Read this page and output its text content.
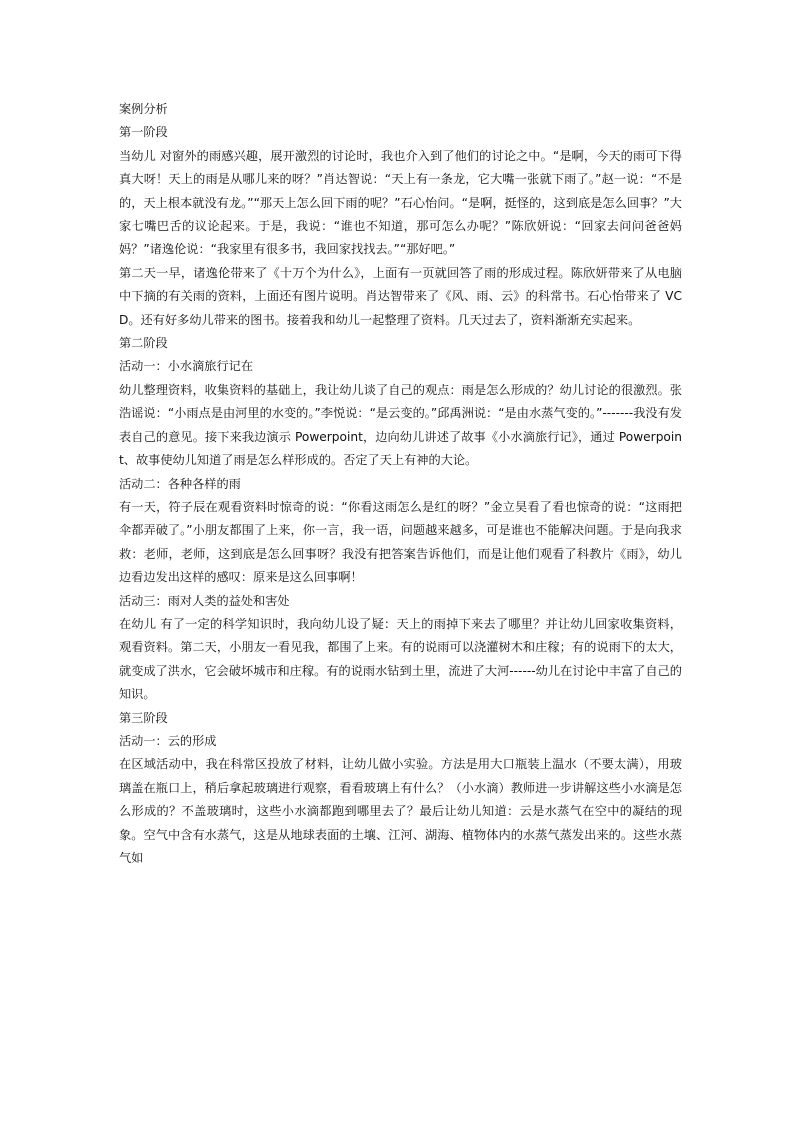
案例分析

第一阶段

当幼儿 对窗外的雨感兴趣，展开激烈的讨论时，我也介入到了他们的讨论之中。“是啊，今天的雨可下得真大呀！天上的雨是从哪儿来的呀？”肖达智说：“天上有一条龙，它大嘴一张就下雨了。”赵一说：“不是的，天上根本就没有龙。”“那天上怎么回下雨的呢？”石心怡问。“是啊，挺怪的，这到底是怎么回事？”大家七嘴巴舌的议论起来。于是，我说：“谁也不知道，那可怎么办呢？”陈欣妍说：“回家去问问爸爸妈妈？”诸逸伦说：“我家里有很多书，我回家找找去。”“那好吧。”

第二天一早，诸逸伦带来了《十万个为什么》，上面有一页就回答了雨的形成过程。陈欣妍带来了从电脑中下摘的有关雨的资料，上面还有图片说明。肖达智带来了《风、雨、云》的科常书。石心怡带来了 VCD。还有好多幼儿带来的图书。接着我和幼儿一起整理了资料。几天过去了，资料渐渐充实起来。

第二阶段

活动一：小水滴旅行记在

幼儿整理资料，收集资料的基础上，我让幼儿谈了自己的观点：雨是怎么形成的？幼儿讨论的很激烈。张浩谣说：“小雨点是由河里的水变的。”李悦说：“是云变的。”邱禹洲说：“是由水蒸气变的。”-------我没有发表自己的意见。接下来我边演示 Powerpoint，边向幼儿讲述了故事《小水滴旅行记》，通过 Powerpoint、故事使幼儿知道了雨是怎么样形成的。否定了天上有神的大论。

活动二：各种各样的雨

有一天，符子辰在观看资料时惊奇的说：“你看这雨怎么是红的呀？”金立昊看了看也惊奇的说：“这雨把伞都弄破了。”小朋友都围了上来，你一言，我一语，问题越来越多，可是谁也不能解决问题。于是向我求救：老师，老师，这到底是怎么回事呀？我没有把答案告诉他们，而是让他们观看了科教片《雨》，幼儿边看边发出这样的感叹：原来是这么回事啊！

活动三：雨对人类的益处和害处

在幼儿 有了一定的科学知识时，我向幼儿设了疑：天上的雨掉下来去了哪里？并让幼儿回家收集资料，观看资料。第二天，小朋友一看见我，都围了上来。有的说雨可以浇灌树木和庄稼；有的说雨下的太大，就变成了洪水，它会破坏城市和庄稼。有的说雨水钻到土里，流进了大河------幼儿在讨论中丰富了自己的知识。

第三阶段

活动一：云的形成

在区域活动中，我在科常区投放了材料，让幼儿做小实验。方法是用大口瓶装上温水（不要太满），用玻璃盖在瓶口上，稍后拿起玻璃进行观察，看看玻璃上有什么？（小水滴）教师进一步讲解这些小水滴是怎么形成的？不盖玻璃时，这些小水滴都跑到哪里去了？最后让幼儿知道：云是水蒸气在空中的凝结的现象。空气中含有水蒸气，这是从地球表面的土壤、江河、湖海、植物体内的水蒸气蒸发出来的。这些水蒸气如
